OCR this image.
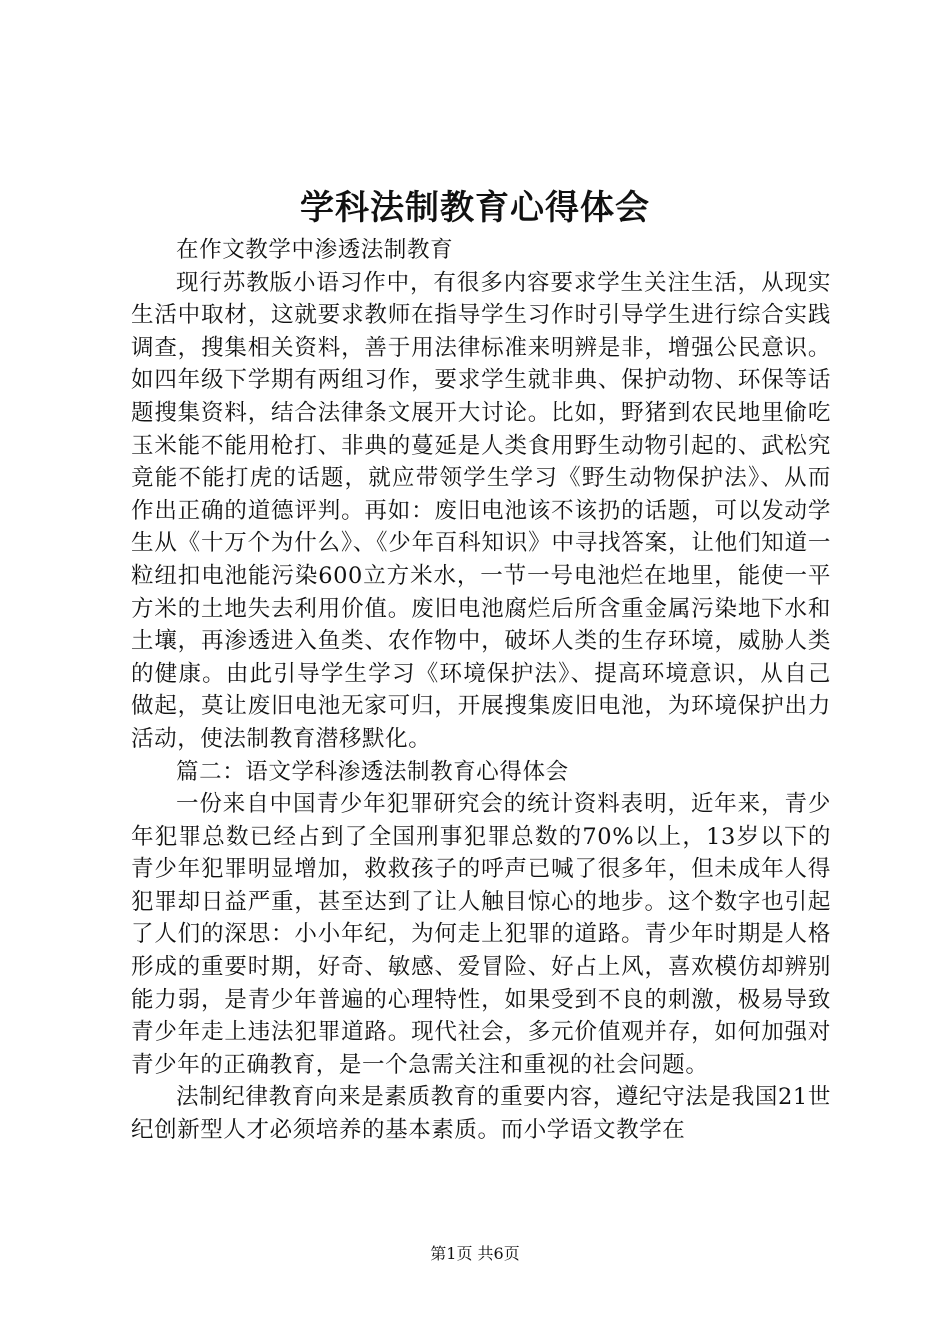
学科法制教育心得体会

在作文教学中渗透法制教育

现行苏教版小语习作中，有很多内容要求学生关注生活，从现实生活中取材，这就要求教师在指导学生习作时引导学生进行综合实践调查，搜集相关资料，善于用法律标准来明辨是非，增强公民意识。如四年级下学期有两组习作，要求学生就非典、保护动物、环保等话题搜集资料，结合法律条文展开大讨论。比如，野猪到农民地里偷吃玉米能不能用枪打、非典的蔓延是人类食用野生动物引起的、武松究竟能不能打虎的话题，就应带领学生学习《野生动物保护法》、从而作出正确的道德评判。再如：废旧电池该不该扔的话题，可以发动学生从《十万个为什么》、《少年百科知识》中寻找答案，让他们知道一粒纽扣电池能污染600立方米水，一节一号电池烂在地里，能使一平方米的土地失去利用价值。废旧电池腐烂后所含重金属污染地下水和土壤，再渗透进入鱼类、农作物中，破坏人类的生存环境，威胁人类的健康。由此引导学生学习《环境保护法》、提高环境意识，从自己做起，莫让废旧电池无家可归，开展搜集废旧电池，为环境保护出力活动，使法制教育潜移默化。

篇二：语文学科渗透法制教育心得体会

一份来自中国青少年犯罪研究会的统计资料表明，近年来，青少年犯罪总数已经占到了全国刑事犯罪总数的70%以上，13岁以下的青少年犯罪明显增加，救救孩子的呼声已喊了很多年，但未成年人得犯罪却日益严重，甚至达到了让人触目惊心的地步。这个数字也引起了人们的深思：小小年纪，为何走上犯罪的道路。青少年时期是人格形成的重要时期，好奇、敏感、爱冒险、好占上风，喜欢模仿却辨别能力弱，是青少年普遍的心理特性，如果受到不良的刺激，极易导致青少年走上违法犯罪道路。现代社会，多元价值观并存，如何加强对青少年的正确教育，是一个急需关注和重视的社会问题。

法制纪律教育向来是素质教育的重要内容，遵纪守法是我国21世纪创新型人才必须培养的基本素质。而小学语文教学在

第1页 共6页
